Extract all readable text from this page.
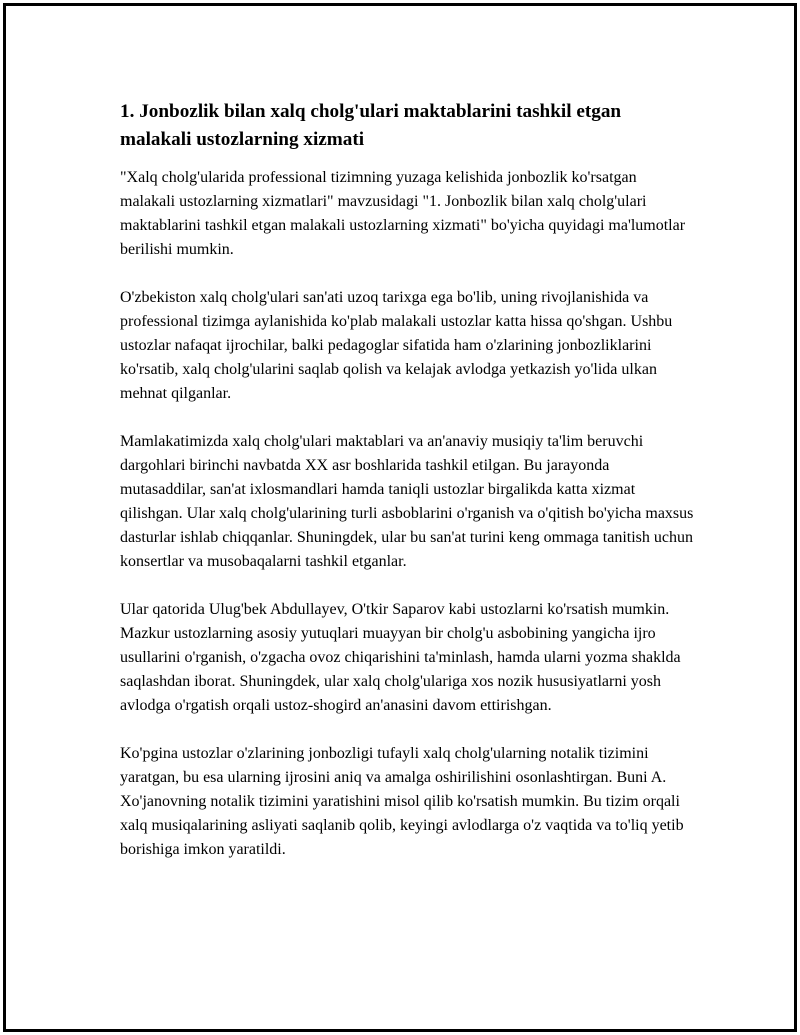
1. Jonbozlik bilan xalq cholg'ulari maktablarini tashkil etgan malakali ustozlarning xizmati

"Xalq cholg'ularida professional tizimning yuzaga kelishida jonbozlik ko'rsatgan malakali ustozlarning xizmatlari" mavzusidagi "1. Jonbozlik bilan xalq cholg'ulari maktablarini tashkil etgan malakali ustozlarning xizmati" bo'yicha quyidagi ma'lumotlar berilishi mumkin.

O'zbekiston xalq cholg'ulari san'ati uzoq tarixga ega bo'lib, uning rivojlanishida va professional tizimga aylanishida ko'plab malakali ustozlar katta hissa qo'shgan. Ushbu ustozlar nafaqat ijrochilar, balki pedagoglar sifatida ham o'zlarining jonbozliklarini ko'rsatib, xalq cholg'ularini saqlab qolish va kelajak avlodga yetkazish yo'lida ulkan mehnat qilganlar.

Mamlakatimizda xalq cholg'ulari maktablari va an'anaviy musiqiy ta'lim beruvchi dargohlari birinchi navbatda XX asr boshlarida tashkil etilgan. Bu jarayonda mutasaddilar, san'at ixlosmandlari hamda taniqli ustozlar birgalikda katta xizmat qilishgan. Ular xalq cholg'ularining turli asboblarini o'rganish va o'qitish bo'yicha maxsus dasturlar ishlab chiqqanlar. Shuningdek, ular bu san'at turini keng ommaga tanitish uchun konsertlar va musobaqalarni tashkil etganlar.

Ular qatorida Ulug'bek Abdullayev, O'tkir Saparov kabi ustozlarni ko'rsatish mumkin. Mazkur ustozlarning asosiy yutuqlari muayyan bir cholg'u asbobining yangicha ijro usullarini o'rganish, o'zgacha ovoz chiqarishini ta'minlash, hamda ularni yozma shaklda saqlashdan iborat. Shuningdek, ular xalq cholg'ulariga xos nozik hususiyatlarni yosh avlodga o'rgatish orqali ustoz-shogird an'anasini davom ettirishgan.

Ko'pgina ustozlar o'zlarining jonbozligi tufayli xalq cholg'ularning notalik tizimini yaratgan, bu esa ularning ijrosini aniq va amalga oshirilishini osonlashtirgan. Buni A. Xo'janovning notalik tizimini yaratishini misol qilib ko'rsatish mumkin. Bu tizim orqali xalq musiqalarining asliyati saqlanib qolib, keyingi avlodlarga o'z vaqtida va to'liq yetib borishiga imkon yaratildi.
